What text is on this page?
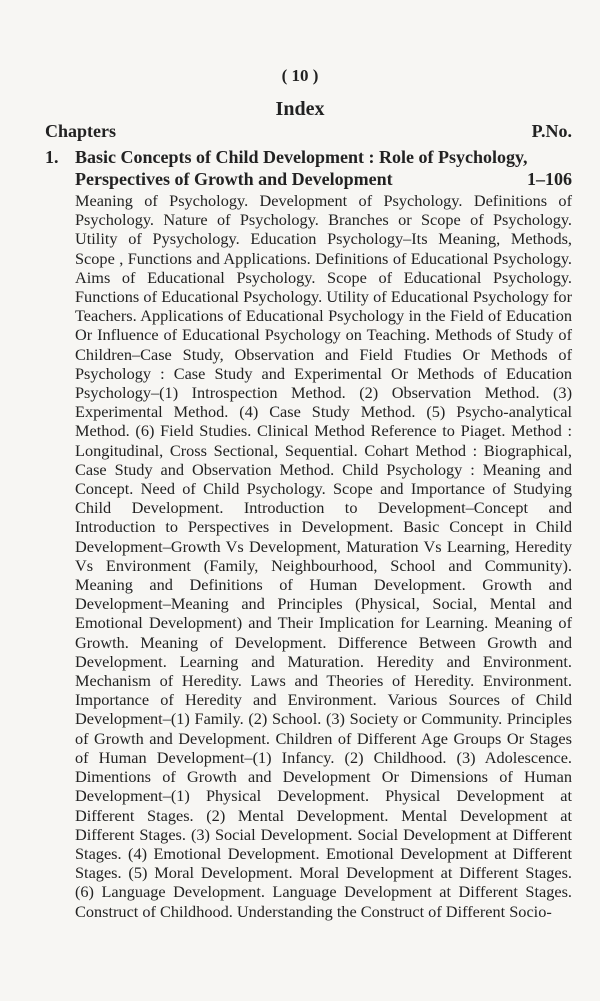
( 10 )
Index
Chapters	P.No.
1. Basic Concepts of Child Development : Role of Psychology,
Perspectives of Growth and Development	1–106
Meaning of Psychology. Development of Psychology. Definitions of Psychology. Nature of Psychology. Branches or Scope of Psychology. Utility of Pysychology. Education Psychology–Its Meaning, Methods, Scope , Functions and Applications. Definitions of Educational Psychology. Aims of Educational Psychology. Scope of Educational Psychology. Functions of Educational Psychology. Utility of Educational Psychology for Teachers. Applications of Educational Psychology in the Field of Education Or Influence of Educational Psychology on Teaching. Methods of Study of Children–Case Study, Observation and Field Ftudies Or Methods of Psychology : Case Study and Experimental Or Methods of Education Psychology–(1) Introspection Method. (2) Observation Method. (3) Experimental Method. (4) Case Study Method. (5) Psycho-analytical Method. (6) Field Studies. Clinical Method Reference to Piaget. Method : Longitudinal, Cross Sectional, Sequential. Cohart Method : Biographical, Case Study and Observation Method. Child Psychology : Meaning and Concept. Need of Child Psychology. Scope and Importance of Studying Child Development. Introduction to Development–Concept and Introduction to Perspectives in Development. Basic Concept in Child Development–Growth Vs Development, Maturation Vs Learning, Heredity Vs Environment (Family, Neighbourhood, School and Community). Meaning and Definitions of Human Development. Growth and Development–Meaning and Principles (Physical, Social, Mental and Emotional Development) and Their Implication for Learning. Meaning of Growth. Meaning of Development. Difference Between Growth and Development. Learning and Maturation. Heredity and Environment. Mechanism of Heredity. Laws and Theories of Heredity. Environment. Importance of Heredity and Environment. Various Sources of Child Development–(1) Family. (2) School. (3) Society or Community. Principles of Growth and Development. Children of Different Age Groups Or Stages of Human Development–(1) Infancy. (2) Childhood. (3) Adolescence. Dimentions of Growth and Development Or Dimensions of Human Development–(1) Physical Development. Physical Development at Different Stages. (2) Mental Development. Mental Development at Different Stages. (3) Social Development. Social Development at Different Stages. (4) Emotional Development. Emotional Development at Different Stages. (5) Moral Development. Moral Development at Different Stages. (6) Language Development. Language Development at Different Stages. Construct of Childhood. Understanding the Construct of Different Socio-
